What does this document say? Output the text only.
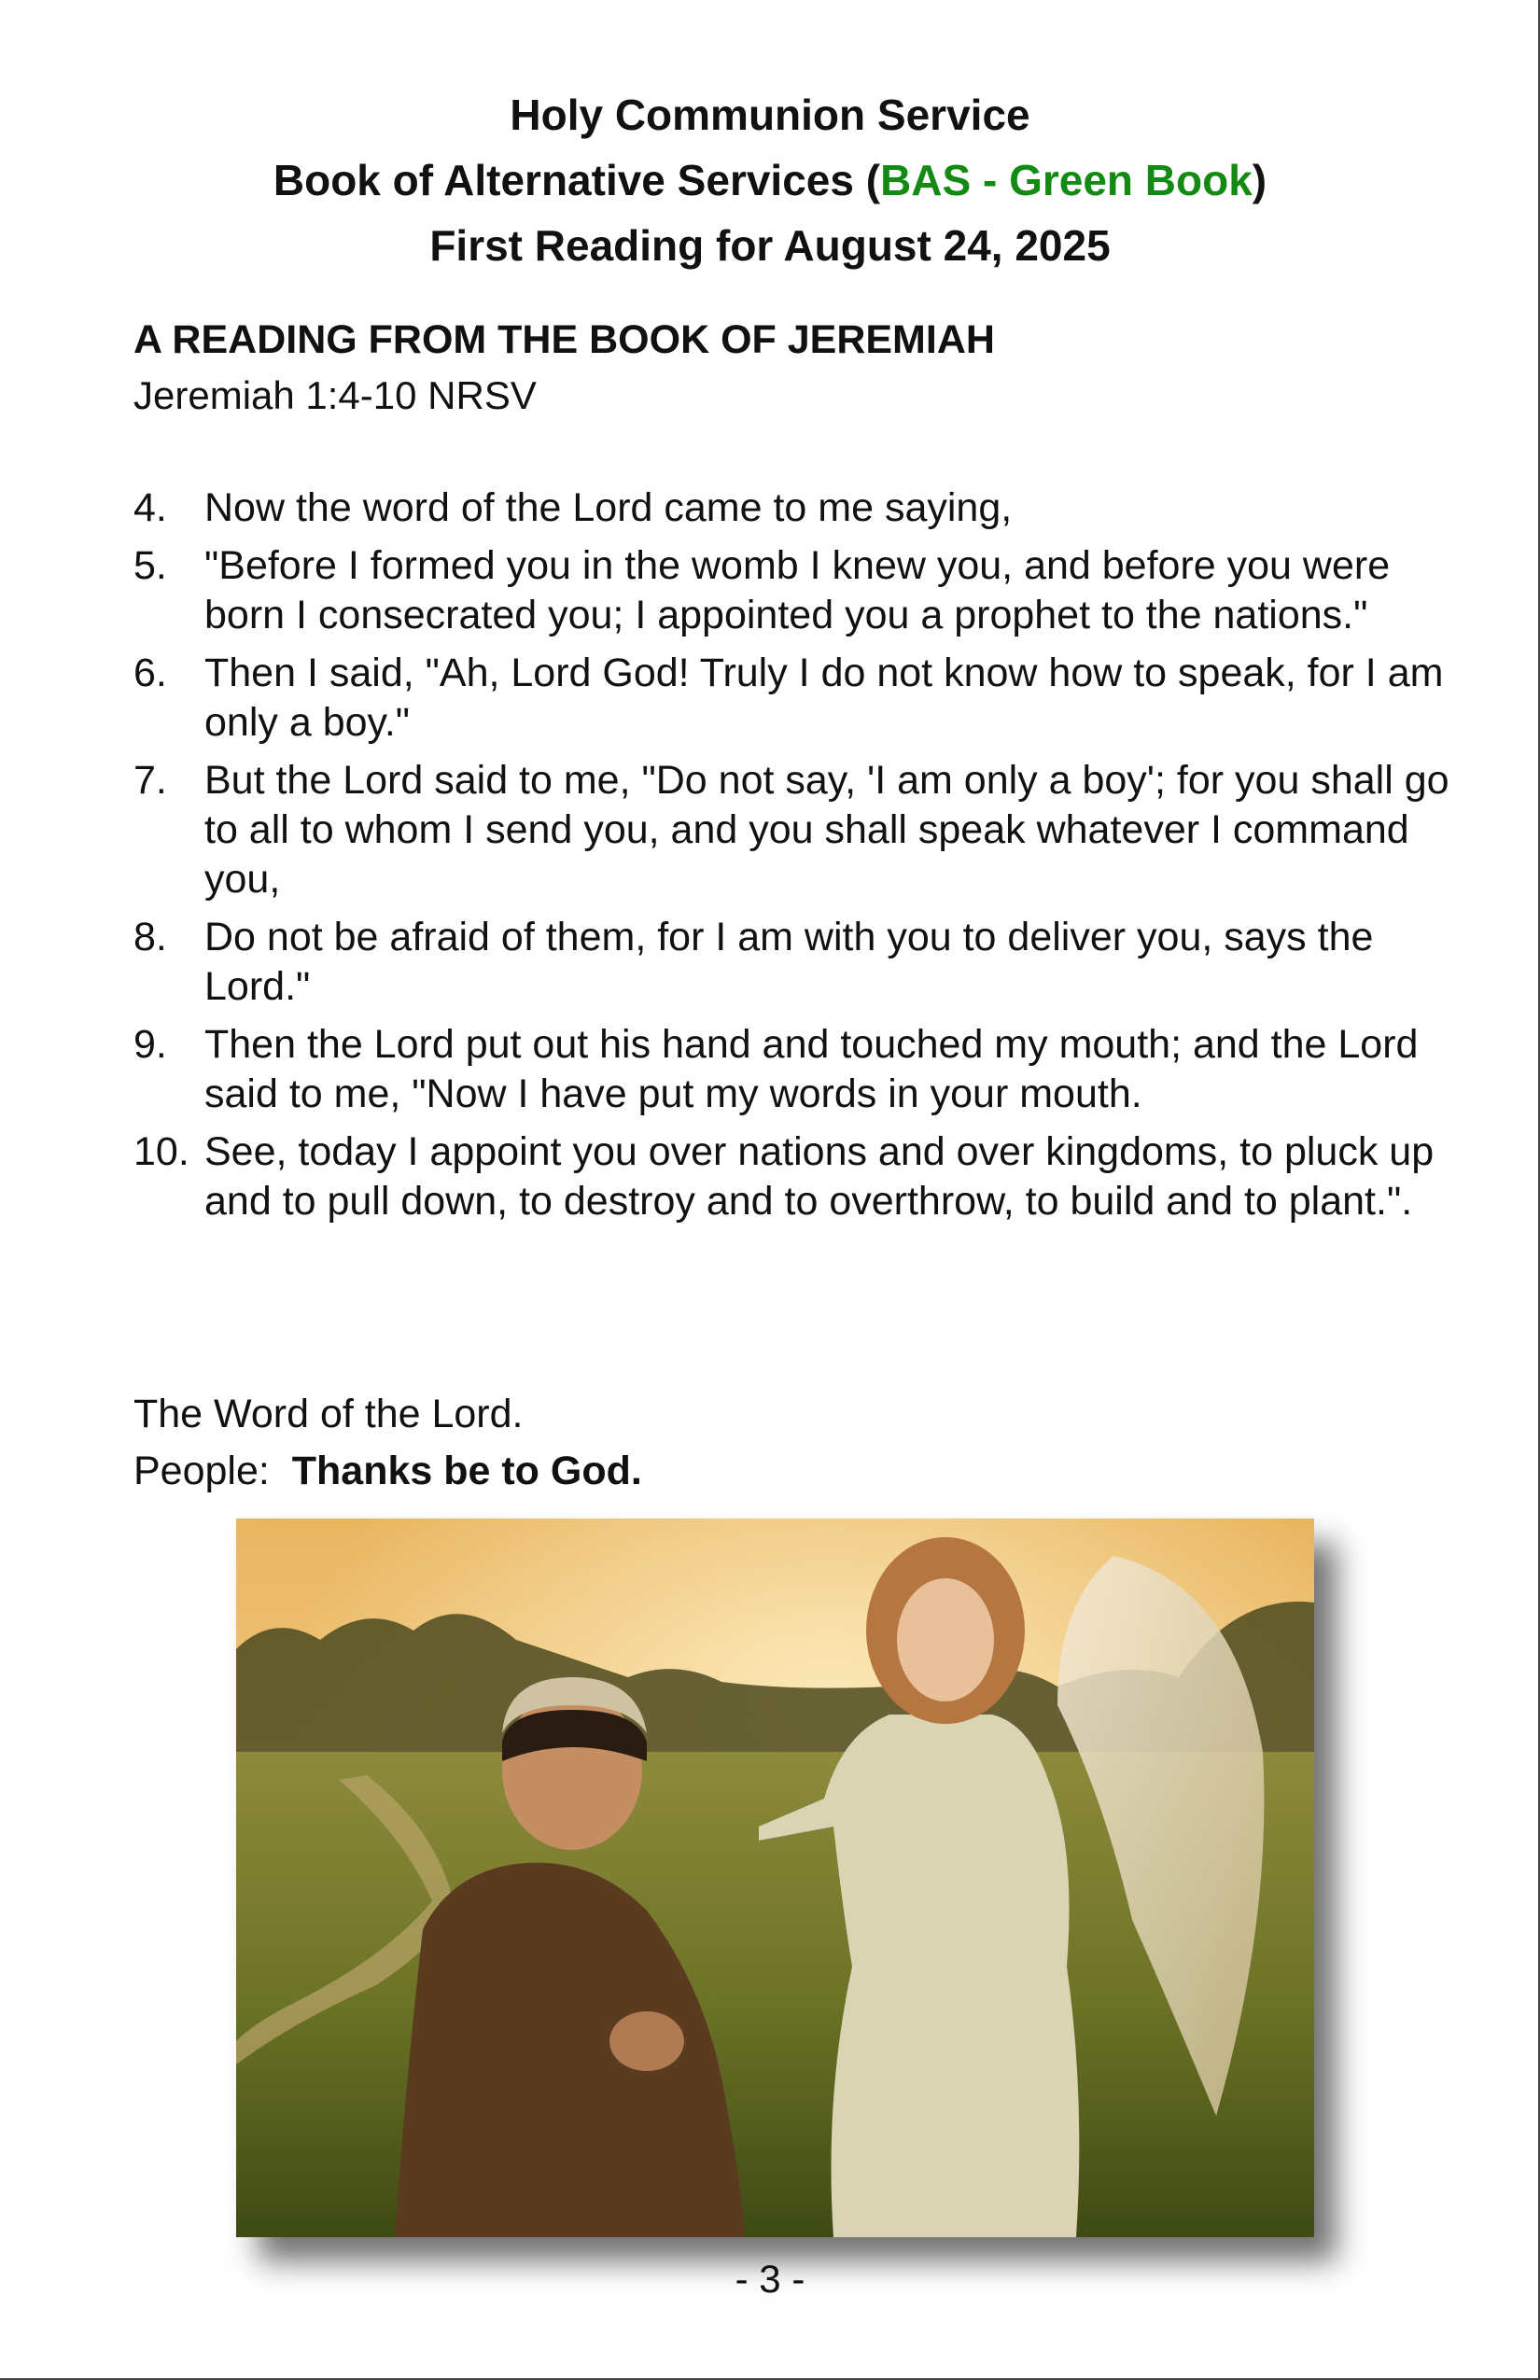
Holy Communion Service
Book of Alternative Services (BAS - Green Book)
First Reading for August 24, 2025
A READING FROM THE BOOK OF JEREMIAH
Jeremiah 1:4-10 NRSV
4. Now the word of the Lord came to me saying,
5. "Before I formed you in the womb I knew you, and before you were born I consecrated you; I appointed you a prophet to the nations."
6. Then I said, "Ah, Lord God! Truly I do not know how to speak, for I am only a boy."
7. But the Lord said to me, "Do not say, 'I am only a boy'; for you shall go to all to whom I send you, and you shall speak whatever I command you,
8. Do not be afraid of them, for I am with you to deliver you, says the Lord."
9. Then the Lord put out his hand and touched my mouth; and the Lord said to me, "Now I have put my words in your mouth.
10. See, today I appoint you over nations and over kingdoms, to pluck up and to pull down, to destroy and to overthrow, to build and to plant.".
The Word of the Lord.
People: Thanks be to God.
- 3 -
